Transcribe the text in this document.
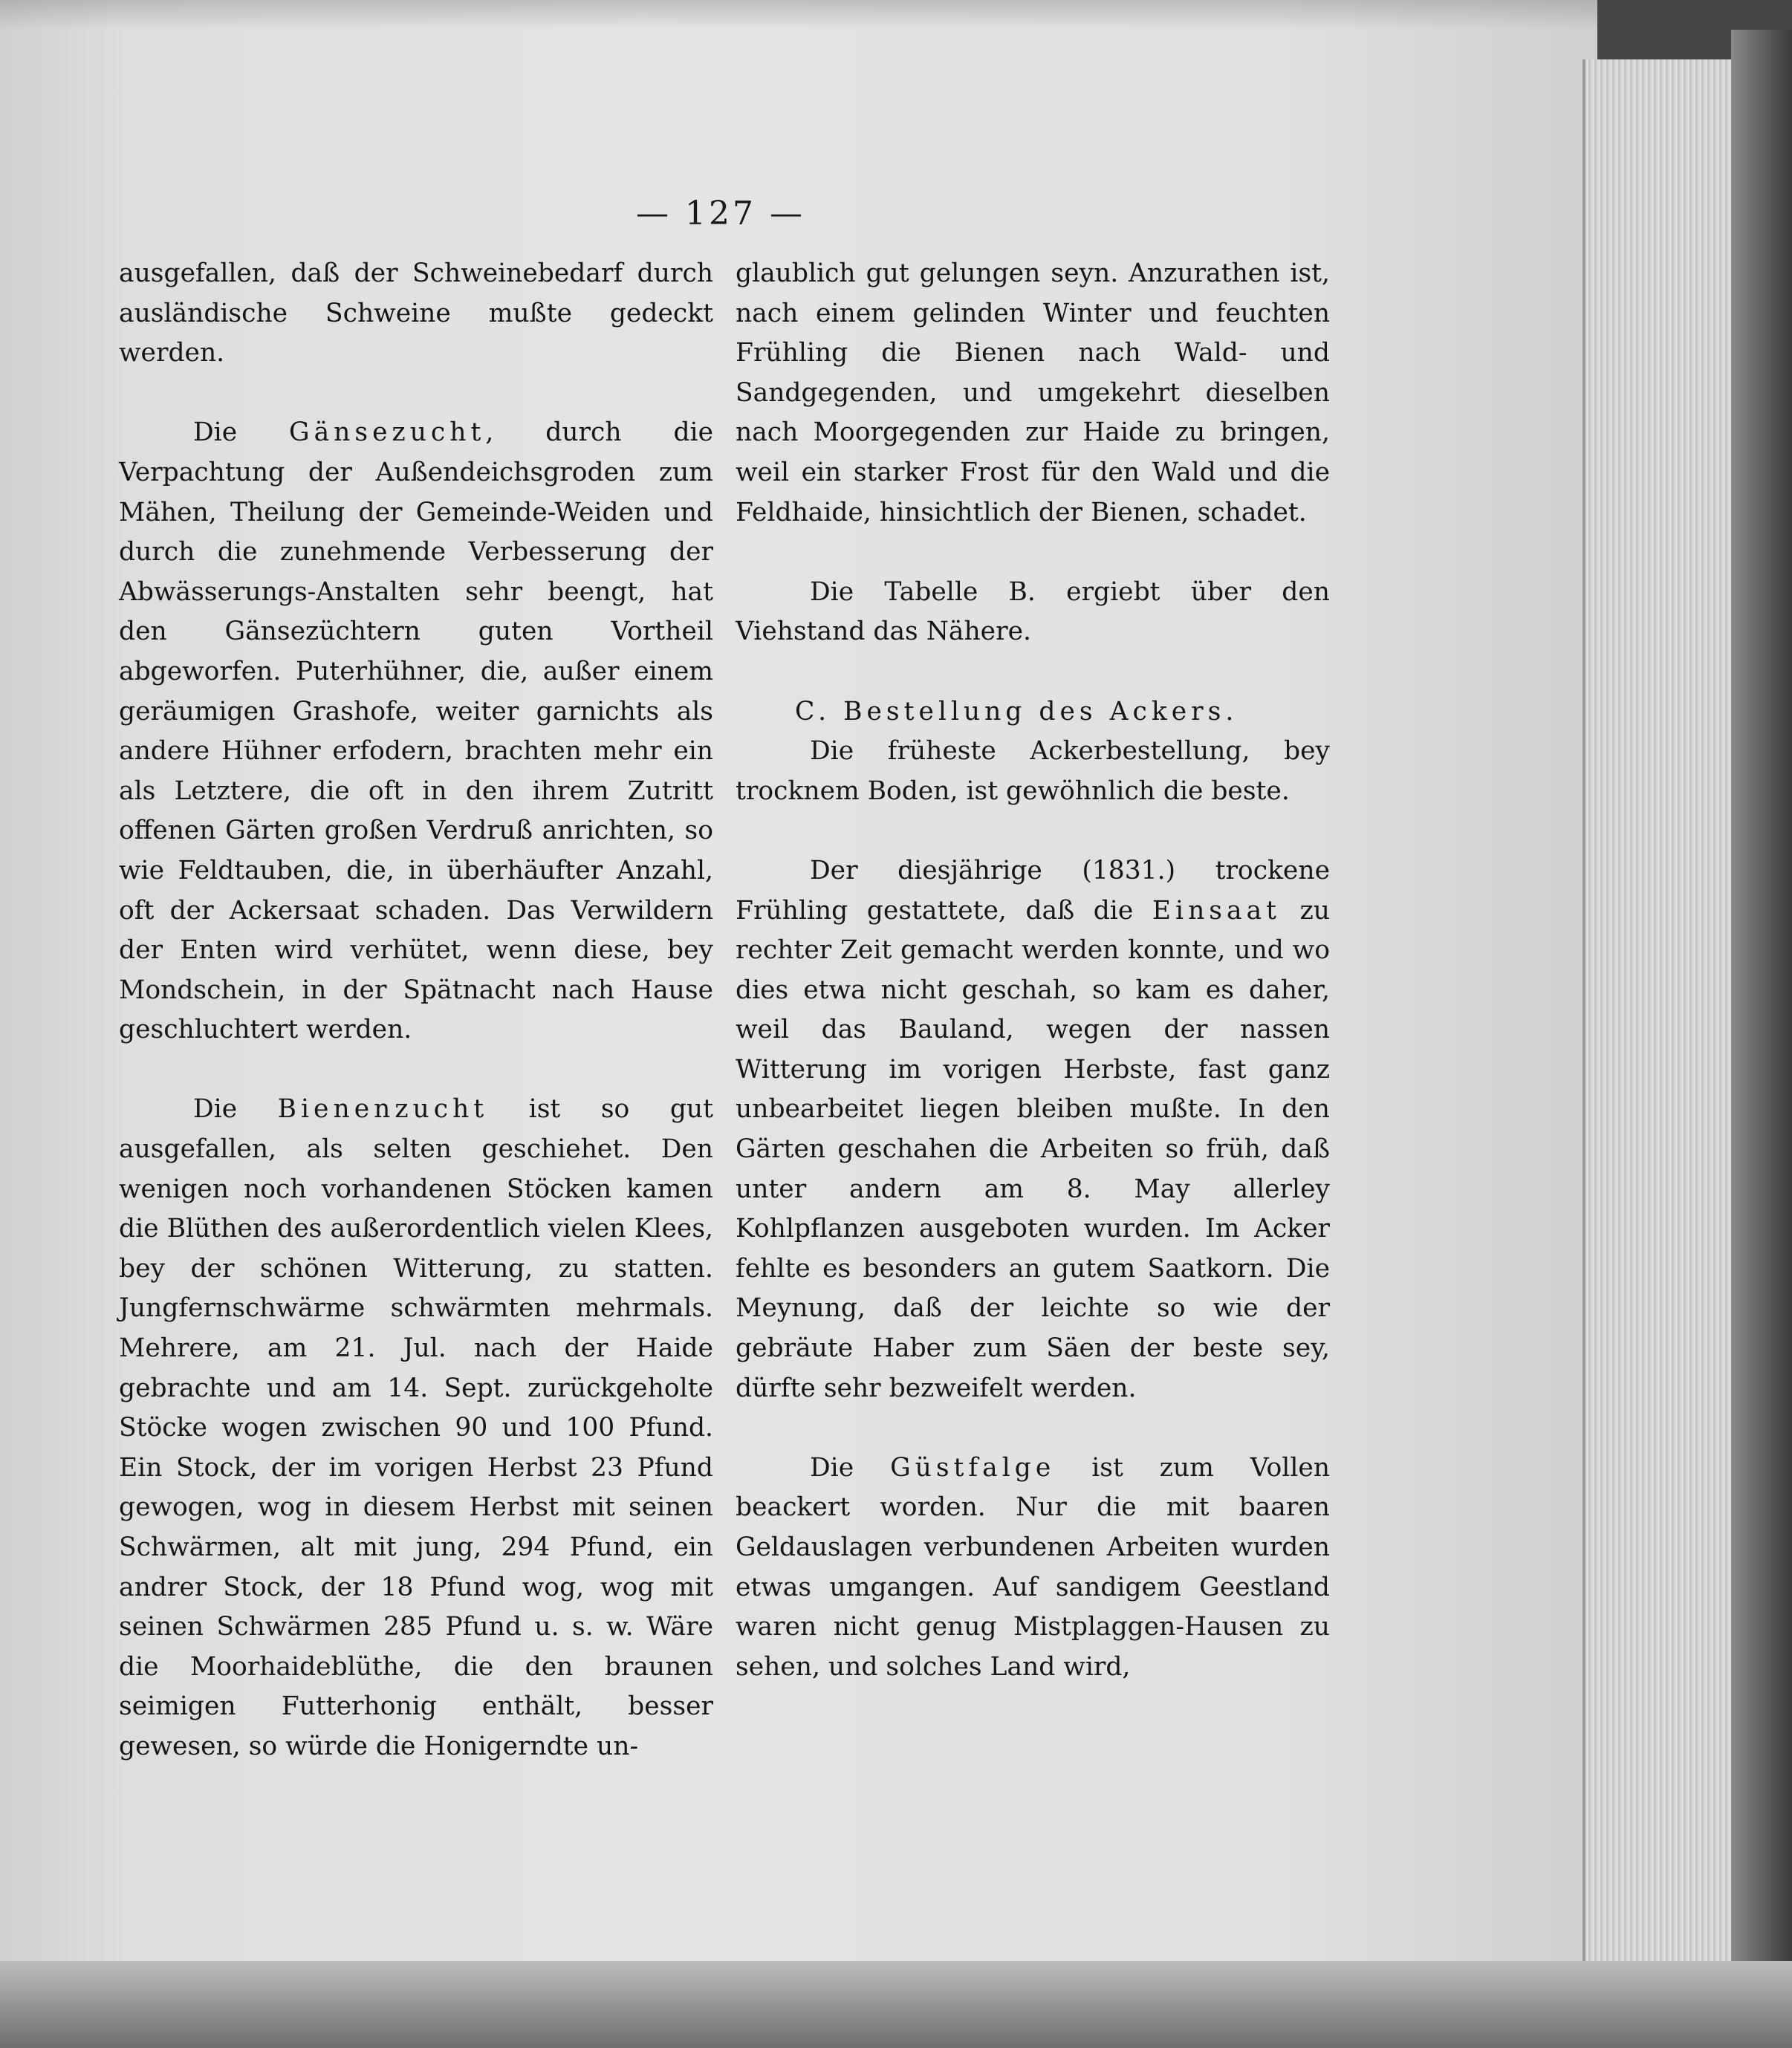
— 127 —

ausgefallen, daß der Schweinebedarf durch ausländische Schweine mußte gedeckt werden.

Die Gänsezucht, durch die Verpachtung der Außendeichsgroden zum Mähen, Theilung der Gemeinde-Weiden und durch die zunehmende Verbesserung der Abwässerungs-Anstalten sehr beengt, hat den Gänsezüchtern guten Vortheil abgeworfen. Puterhühner, die, außer einem geräumigen Grashofe, weiter garnichts als andere Hühner erfodern, brachten mehr ein als Letztere, die oft in den ihrem Zutritt offenen Gärten großen Verdruß anrichten, so wie Feldtauben, die, in überhäufter Anzahl, oft der Ackersaat schaden. Das Verwildern der Enten wird verhütet, wenn diese, bey Mondschein, in der Spätnacht nach Hause geschluchtert werden.

Die Bienenzucht ist so gut ausgefallen, als selten geschiehet. Den wenigen noch vorhandenen Stöcken kamen die Blüthen des außerordentlich vielen Klees, bey der schönen Witterung, zu statten. Jungfernschwärme schwärmten mehrmals. Mehrere, am 21. Jul. nach der Haide gebrachte und am 14. Sept. zurückgeholte Stöcke wogen zwischen 90 und 100 Pfund. Ein Stock, der im vorigen Herbst 23 Pfund gewogen, wog in diesem Herbst mit seinen Schwärmen, alt mit jung, 294 Pfund, ein andrer Stock, der 18 Pfund wog, wog mit seinen Schwärmen 285 Pfund u. s. w. Wäre die Moorhaideblüthe, die den braunen seimigen Futterhonig enthält, besser gewesen, so würde die Honigerndte un-

glaublich gut gelungen seyn. Anzurathen ist, nach einem gelinden Winter und feuchten Frühling die Bienen nach Wald- und Sandgegenden, und umgekehrt dieselben nach Moorgegenden zur Haide zu bringen, weil ein starker Frost für den Wald und die Feldhaide, hinsichtlich der Bienen, schadet.

Die Tabelle B. ergiebt über den Viehstand das Nähere.

C. Bestellung des Ackers.

Die früheste Ackerbestellung, bey trocknem Boden, ist gewöhnlich die beste.

Der diesjährige (1831.) trockene Frühling gestattete, daß die Einsaat zu rechter Zeit gemacht werden konnte, und wo dies etwa nicht geschah, so kam es daher, weil das Bauland, wegen der nassen Witterung im vorigen Herbste, fast ganz unbearbeitet liegen bleiben mußte. In den Gärten geschahen die Arbeiten so früh, daß unter andern am 8. May allerley Kohlpflanzen ausgeboten wurden. Im Acker fehlte es besonders an gutem Saatkorn. Die Meynung, daß der leichte so wie der gebräute Haber zum Säen der beste sey, dürfte sehr bezweifelt werden.

Die Güstfalge ist zum Vollen beackert worden. Nur die mit baaren Geldauslagen verbundenen Arbeiten wurden etwas umgangen. Auf sandigem Geestland waren nicht genug Mistplaggen-Hausen zu sehen, und solches Land wird,
